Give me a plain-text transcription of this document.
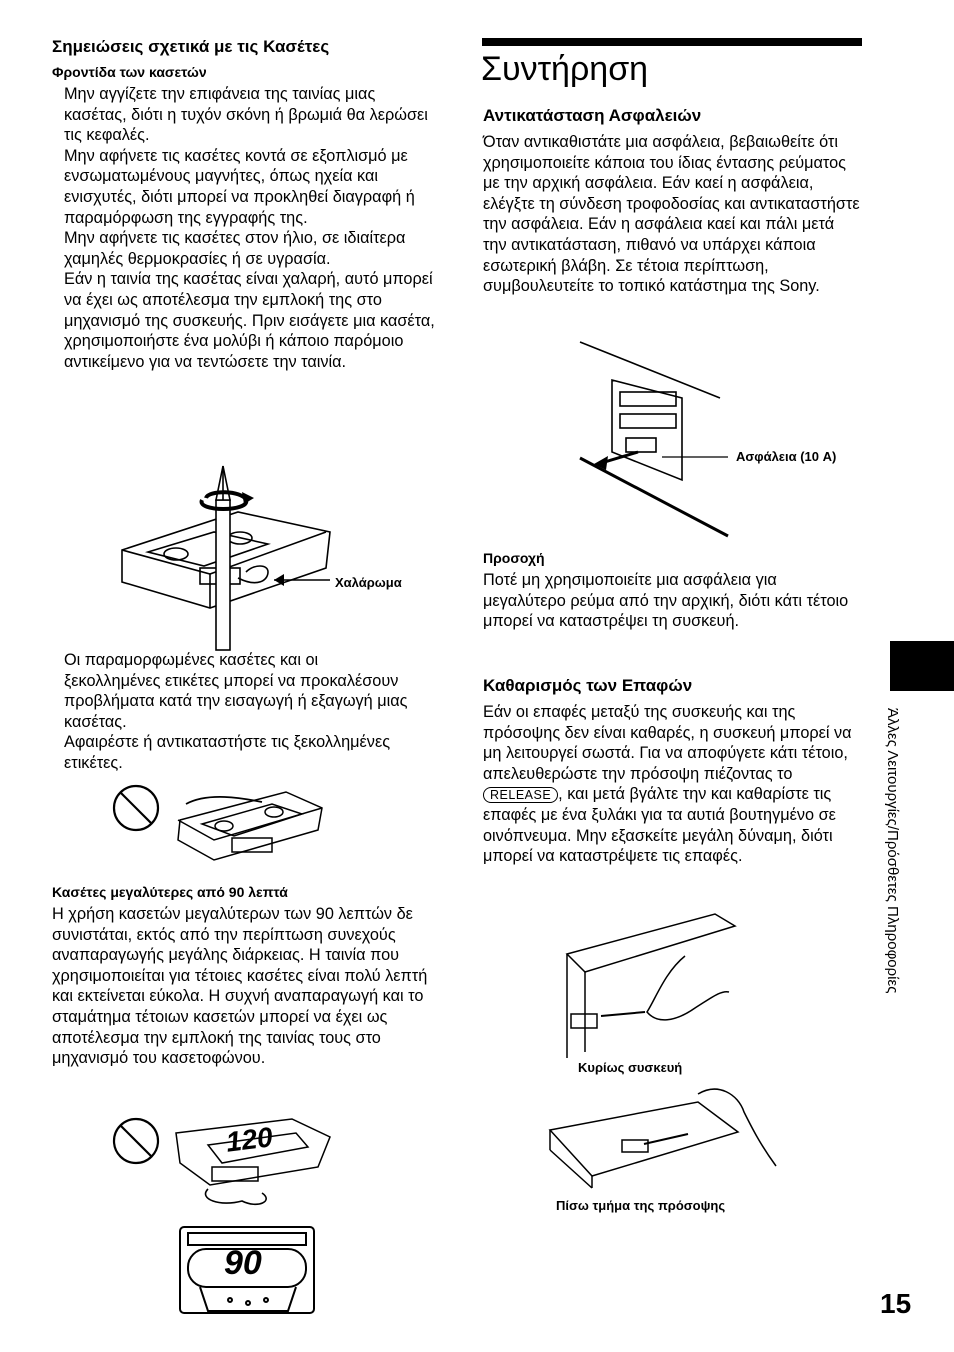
Σημειώσεις σχετικά με τις Κασέτες
Φροντίδα των κασετών

Μην αγγίζετε την επιφάνεια της ταινίας μιας κασέτας, διότι η τυχόν σκόνη ή βρωμιά θα λερώσει τις κεφαλές.

Μην αφήνετε τις κασέτες κοντά σε εξοπλισμό με ενσωματωμένους μαγνήτες, όπως ηχεία και ενισχυτές, διότι μπορεί να προκληθεί διαγραφή ή παραμόρφωση της εγγραφής της.

Μην αφήνετε τις κασέτες στον ήλιο, σε ιδιαίτερα χαμηλές θερμοκρασίες ή σε υγρασία.

Εάν η ταινία της κασέτας είναι χαλαρή, αυτό μπορεί να έχει ως αποτέλεσμα την εμπλοκή της στο μηχανισμό της συσκευής. Πριν εισάγετε μια κασέτα, χρησιμοποιήστε ένα μολύβι ή κάποιο παρόμοιο αντικείμενο για να τεντώσετε την ταινία.

Χαλάρωμα

Οι παραμορφωμένες κασέτες και οι ξεκολλημένες ετικέτες μπορεί να προκαλέσουν προβλήματα κατά την εισαγωγή ή εξαγωγή μιας κασέτας.

Αφαιρέστε ή αντικαταστήστε τις ξεκολλημένες ετικέτες.

Κασέτες μεγαλύτερες από 90 λεπτά

Η χρήση κασετών μεγαλύτερων των 90 λεπτών δε συνιστάται, εκτός από την περίπτωση συνεχούς αναπαραγωγής μεγάλης διάρκειας. Η ταινία που χρησιμοποιείται για τέτοιες κασέτες είναι πολύ λεπτή και εκτείνεται εύκολα. Η συχνή αναπαραγωγή και το σταμάτημα τέτοιων κασετών μπορεί να έχει ως αποτέλεσμα την εμπλοκή της ταινίας τους στο μηχανισμό του κασετοφώνου.

120
90
Συντήρηση
Αντικατάσταση Ασφαλειών

Όταν αντικαθιστάτε μια ασφάλεια, βεβαιωθείτε ότι χρησιμοποιείτε κάποια του ίδιας έντασης ρεύματος με την αρχική ασφάλεια. Εάν καεί η ασφάλεια, ελέγξτε τη σύνδεση τροφοδοσίας και αντικαταστήστε την ασφάλεια. Εάν η ασφάλεια καεί και πάλι μετά την αντικατάσταση, πιθανό να υπάρχει κάποια εσωτερική βλάβη. Σε τέτοια περίπτωση, συμβουλευτείτε το τοπικό κατάστημα της Sony.

Ασφάλεια (10 A)
Προσοχή

Ποτέ μη χρησιμοποιείτε μια ασφάλεια για μεγαλύτερο ρεύμα από την αρχική, διότι κάτι τέτοιο μπορεί να καταστρέψει τη συσκευή.

Καθαρισμός των Επαφών

Εάν οι επαφές μεταξύ της συσκευής και της πρόσοψης δεν είναι καθαρές, η συσκευή μπορεί να μη λειτουργεί σωστά. Για να αποφύγετε κάτι τέτοιο, απελευθερώστε την πρόσοψη πιέζοντας το RELEASE , και μετά βγάλτε την και καθαρίστε τις επαφές με ένα ξυλάκι για τα αυτιά βουτηγμένο σε οινόπνευμα. Μην εξασκείτε μεγάλη δύναμη, διότι μπορεί να καταστρέψετε τις επαφές.

Κυρίως συσκευή
Πίσω τμήμα της πρόσοψης
Άλλες Λειτουργίες/Πρόσθετες Πληροφορίες
15
